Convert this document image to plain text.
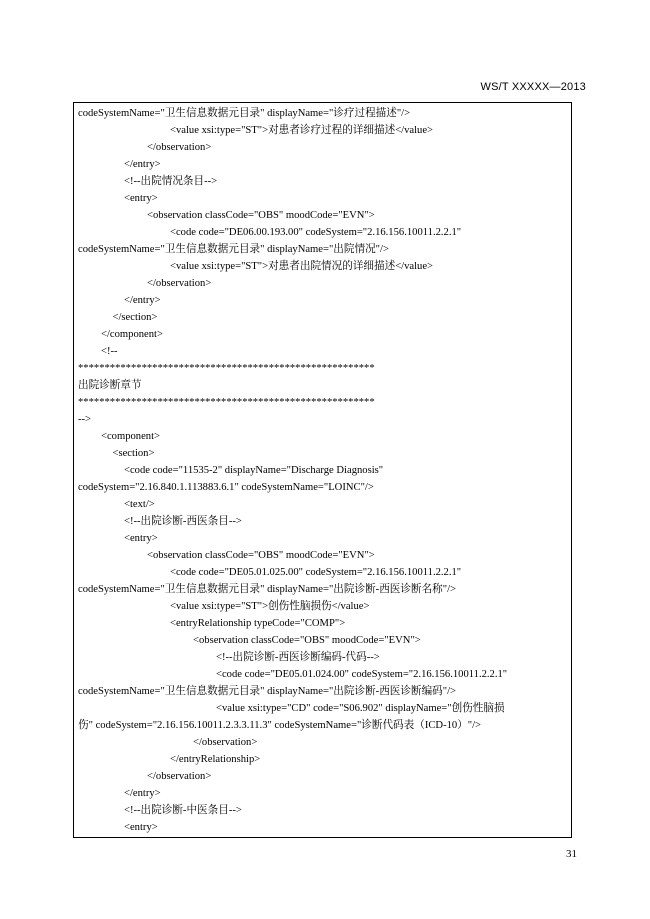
WS/T XXXXX—2013
codeSystemName="卫生信息数据元目录" displayName="诊疗过程描述"/>
<value xsi:type="ST">对患者诊疗过程的详细描述</value>
</observation>
</entry>
<!--出院情况条目-->
<entry>
<observation classCode="OBS" moodCode="EVN">
<code code="DE06.00.193.00" codeSystem="2.16.156.10011.2.2.1"
codeSystemName="卫生信息数据元目录" displayName="出院情况"/>
<value xsi:type="ST">对患者出院情况的详细描述</value>
</observation>
</entry>
</section>
</component>
<!--
********************************************************
出院诊断章节
********************************************************
-->
<component>
<section>
<code code="11535-2" displayName="Discharge Diagnosis"
codeSystem="2.16.840.1.113883.6.1" codeSystemName="LOINC"/>
<text/>
<!--出院诊断-西医条目-->
<entry>
<observation classCode="OBS" moodCode="EVN">
<code code="DE05.01.025.00" codeSystem="2.16.156.10011.2.2.1"
codeSystemName="卫生信息数据元目录" displayName="出院诊断-西医诊断名称"/>
<value xsi:type="ST">创伤性脑损伤</value>
<entryRelationship typeCode="COMP">
<observation classCode="OBS" moodCode="EVN">
<!--出院诊断-西医诊断编码-代码-->
<code code="DE05.01.024.00" codeSystem="2.16.156.10011.2.2.1"
codeSystemName="卫生信息数据元目录" displayName="出院诊断-西医诊断编码"/>
<value xsi:type="CD" code="S06.902" displayName="创伤性脑损
伤" codeSystem="2.16.156.10011.2.3.3.11.3" codeSystemName="诊断代码表（ICD-10）"/>
</observation>
</entryRelationship>
</observation>
</entry>
<!--出院诊断-中医条目-->
<entry>
31
